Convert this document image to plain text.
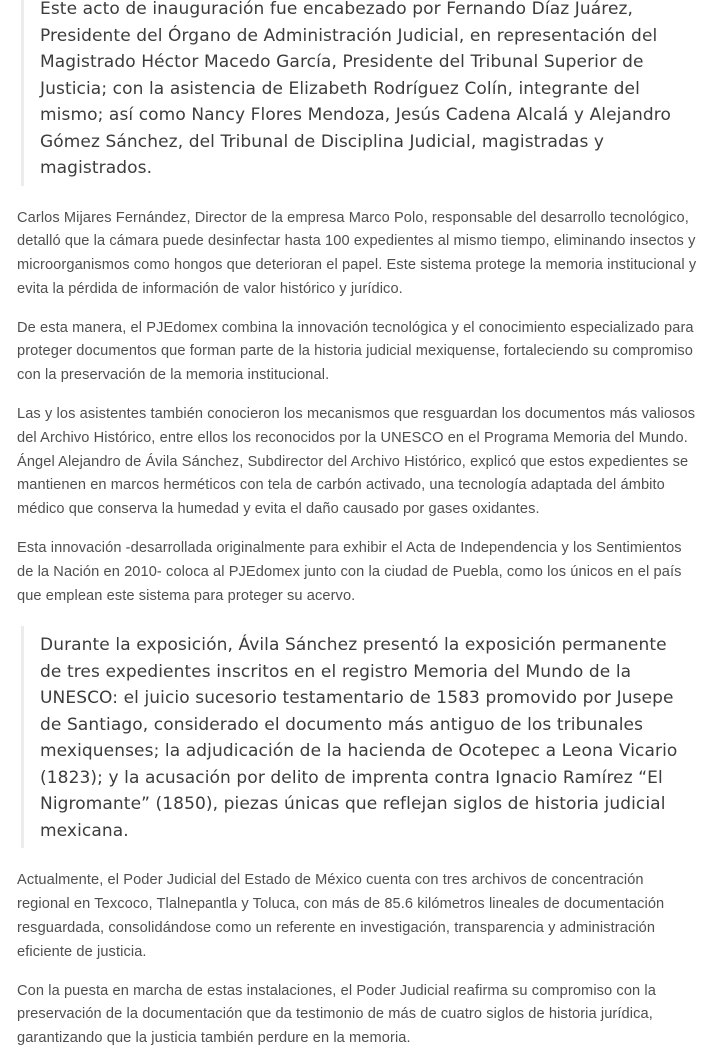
Este acto de inauguración fue encabezado por Fernando Díaz Juárez, Presidente del Órgano de Administración Judicial, en representación del Magistrado Héctor Macedo García, Presidente del Tribunal Superior de Justicia; con la asistencia de Elizabeth Rodríguez Colín, integrante del mismo; así como Nancy Flores Mendoza, Jesús Cadena Alcalá y Alejandro Gómez Sánchez, del Tribunal de Disciplina Judicial, magistradas y magistrados.

Carlos Mijares Fernández, Director de la empresa Marco Polo, responsable del desarrollo tecnológico, detalló que la cámara puede desinfectar hasta 100 expedientes al mismo tiempo, eliminando insectos y microorganismos como hongos que deterioran el papel. Este sistema protege la memoria institucional y evita la pérdida de información de valor histórico y jurídico.

De esta manera, el PJEdomex combina la innovación tecnológica y el conocimiento especializado para proteger documentos que forman parte de la historia judicial mexiquense, fortaleciendo su compromiso con la preservación de la memoria institucional.

Las y los asistentes también conocieron los mecanismos que resguardan los documentos más valiosos del Archivo Histórico, entre ellos los reconocidos por la UNESCO en el Programa Memoria del Mundo. Ángel Alejandro de Ávila Sánchez, Subdirector del Archivo Histórico, explicó que estos expedientes se mantienen en marcos herméticos con tela de carbón activado, una tecnología adaptada del ámbito médico que conserva la humedad y evita el daño causado por gases oxidantes.

Esta innovación -desarrollada originalmente para exhibir el Acta de Independencia y los Sentimientos de la Nación en 2010- coloca al PJEdomex junto con la ciudad de Puebla, como los únicos en el país que emplean este sistema para proteger su acervo.

Durante la exposición, Ávila Sánchez presentó la exposición permanente de tres expedientes inscritos en el registro Memoria del Mundo de la UNESCO: el juicio sucesorio testamentario de 1583 promovido por Jusepe de Santiago, considerado el documento más antiguo de los tribunales mexiquenses; la adjudicación de la hacienda de Ocotepec a Leona Vicario (1823); y la acusación por delito de imprenta contra Ignacio Ramírez “El Nigromante” (1850), piezas únicas que reflejan siglos de historia judicial mexicana.

Actualmente, el Poder Judicial del Estado de México cuenta con tres archivos de concentración regional en Texcoco, Tlalnepantla y Toluca, con más de 85.6 kilómetros lineales de documentación resguardada, consolidándose como un referente en investigación, transparencia y administración eficiente de justicia.

Con la puesta en marcha de estas instalaciones, el Poder Judicial reafirma su compromiso con la preservación de la documentación que da testimonio de más de cuatro siglos de historia jurídica, garantizando que la justicia también perdure en la memoria.
